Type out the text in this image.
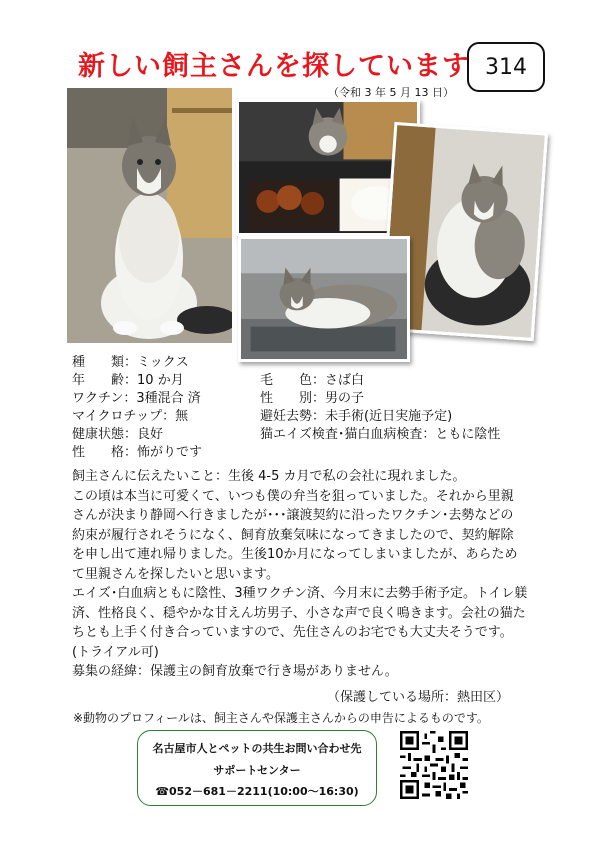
新しい飼主さんを探しています 314
（令和 3 年 5 月 13 日）
種　　類：ミックス
年　　齢：10 か月	毛　　色：さば白
ワクチン：3種混合 済	性　　別：男の子
マイクロチップ：無	避妊去勢：未手術(近日実施予定)
健康状態：良好	猫エイズ検査･猫白血病検査：ともに陰性
性　　格：怖がりです

飼主さんに伝えたいこと：生後 4-5 カ月で私の会社に現れました。

この頃は本当に可愛くて、いつも僕の弁当を狙っていました。それから里親

さんが決まり静岡へ行きましたが･･･譲渡契約に沿ったワクチン･去勢などの

約束が履行されそうになく、飼育放棄気味になってきましたので、契約解除

を申し出て連れ帰りました。生後10か月になってしまいましたが、あらため

て里親さんを探したいと思います。

エイズ･白血病ともに陰性、3種ワクチン済、今月末に去勢手術予定。トイレ躾

済、性格良く、穏やかな甘えん坊男子、小さな声で良く鳴きます。会社の猫た

ちとも上手く付き合っていますので、先住さんのお宅でも大丈夫そうです。

(トライアル可)

募集の経緯：保護主の飼育放棄で行き場がありません。

（保護している場所：熱田区）
※動物のプロフィールは、飼主さんや保護主さんからの申告によるものです。
名古屋市人とペットの共生お問い合わせ先
サポートセンター
☎052－681－2211(10:00～16:30)
